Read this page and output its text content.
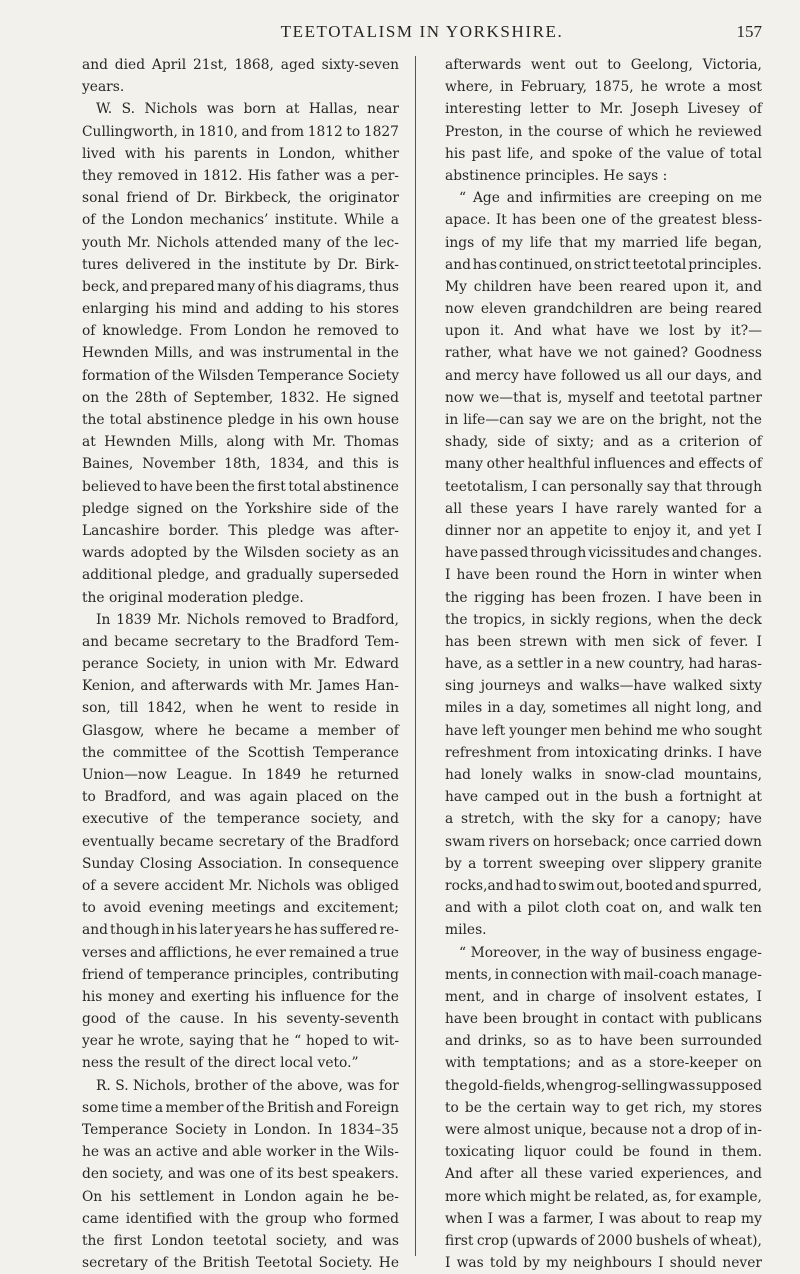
TEETOTALISM IN YORKSHIRE.	157
and died April 21st, 1868, aged sixty-seven
years.
W. S. Nichols was born at Hallas, near
Cullingworth, in 1810, and from 1812 to 1827
lived with his parents in London, whither
they removed in 1812. His father was a per-
sonal friend of Dr. Birkbeck, the originator
of the London mechanics’ institute. While a
youth Mr. Nichols attended many of the lec-
tures delivered in the institute by Dr. Birk-
beck, and prepared many of his diagrams, thus
enlarging his mind and adding to his stores
of knowledge. From London he removed to
Hewnden Mills, and was instrumental in the
formation of the Wilsden Temperance Society
on the 28th of September, 1832. He signed
the total abstinence pledge in his own house
at Hewnden Mills, along with Mr. Thomas
Baines, November 18th, 1834, and this is
believed to have been the first total abstinence
pledge signed on the Yorkshire side of the
Lancashire border. This pledge was after-
wards adopted by the Wilsden society as an
additional pledge, and gradually superseded
the original moderation pledge.
In 1839 Mr. Nichols removed to Bradford,
and became secretary to the Bradford Tem-
perance Society, in union with Mr. Edward
Kenion, and afterwards with Mr. James Han-
son, till 1842, when he went to reside in
Glasgow, where he became a member of
the committee of the Scottish Temperance
Union—now League. In 1849 he returned
to Bradford, and was again placed on the
executive of the temperance society, and
eventually became secretary of the Bradford
Sunday Closing Association. In consequence
of a severe accident Mr. Nichols was obliged
to avoid evening meetings and excitement;
and though in his later years he has suffered re-
verses and afflictions, he ever remained a true
friend of temperance principles, contributing
his money and exerting his influence for the
good of the cause. In his seventy-seventh
year he wrote, saying that he “ hoped to wit-
ness the result of the direct local veto.”
R. S. Nichols, brother of the above, was for
some time a member of the British and Foreign
Temperance Society in London. In 1834–35
he was an active and able worker in the Wils-
den society, and was one of its best speakers.
On his settlement in London again he be-
came identified with the group who formed
the first London teetotal society, and was
secretary of the British Teetotal Society. He
afterwards went out to Geelong, Victoria,
where, in February, 1875, he wrote a most
interesting letter to Mr. Joseph Livesey of
Preston, in the course of which he reviewed
his past life, and spoke of the value of total
abstinence principles. He says :
“ Age and infirmities are creeping on me
apace. It has been one of the greatest bless-
ings of my life that my married life began,
and has continued, on strict teetotal principles.
My children have been reared upon it, and
now eleven grandchildren are being reared
upon it. And what have we lost by it?—
rather, what have we not gained? Goodness
and mercy have followed us all our days, and
now we—that is, myself and teetotal partner
in life—can say we are on the bright, not the
shady, side of sixty; and as a criterion of
many other healthful influences and effects of
teetotalism, I can personally say that through
all these years I have rarely wanted for a
dinner nor an appetite to enjoy it, and yet I
have passed through vicissitudes and changes.
I have been round the Horn in winter when
the rigging has been frozen. I have been in
the tropics, in sickly regions, when the deck
has been strewn with men sick of fever. I
have, as a settler in a new country, had haras-
sing journeys and walks—have walked sixty
miles in a day, sometimes all night long, and
have left younger men behind me who sought
refreshment from intoxicating drinks. I have
had lonely walks in snow-clad mountains,
have camped out in the bush a fortnight at
a stretch, with the sky for a canopy; have
swam rivers on horseback; once carried down
by a torrent sweeping over slippery granite
rocks,and had to swim out, booted and spurred,
and with a pilot cloth coat on, and walk ten
miles.
“ Moreover, in the way of business engage-
ments, in connection with mail-coach manage-
ment, and in charge of insolvent estates, I
have been brought in contact with publicans
and drinks, so as to have been surrounded
with temptations; and as a store-keeper on
the gold-fields, when grog-selling was supposed
to be the certain way to get rich, my stores
were almost unique, because not a drop of in-
toxicating liquor could be found in them.
And after all these varied experiences, and
more which might be related, as, for example,
when I was a farmer, I was about to reap my
first crop (upwards of 2000 bushels of wheat),
I was told by my neighbours I should never
